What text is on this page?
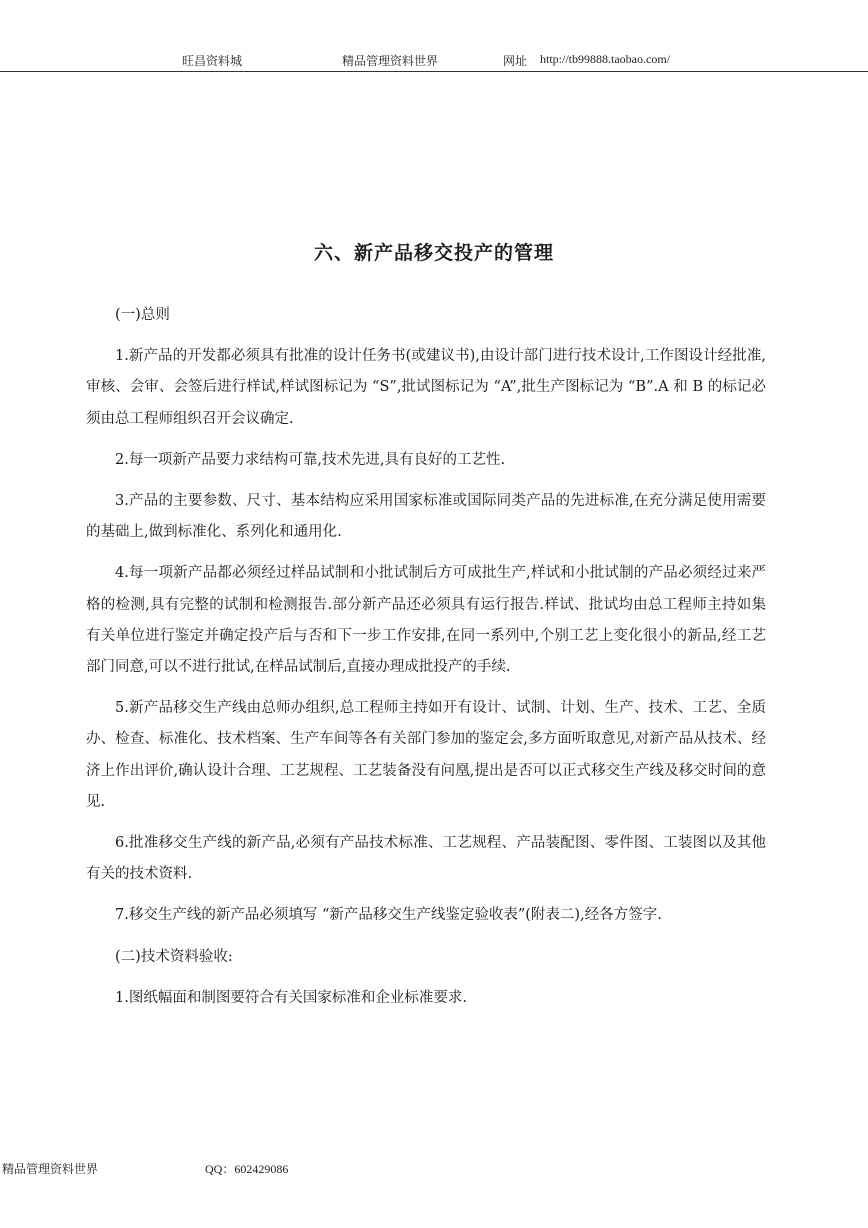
旺昌资料城	精品管理资料世界	网址 http://tb99888.taobao.com/
六、新产品移交投产的管理

(一)总则

1.新产品的开发都必须具有批准的设计任务书(或建议书),由设计部门进行技术设计,工作图设计经批准,审核、会审、会签后进行样试,样试图标记为 “S”,批试图标记为 “A”,批生产图标记为 “B”.A 和 B 的标记必须由总工程师组织召开会议确定.

2.每一项新产品要力求结构可靠,技术先进,具有良好的工艺性.

3.产品的主要参数、尺寸、基本结构应采用国家标准或国际同类产品的先进标准,在充分满足使用需要的基础上,做到标准化、系列化和通用化.

4.每一项新产品都必须经过样品试制和小批试制后方可成批生产,样试和小批试制的产品必须经过来严格的检测,具有完整的试制和检测报告.部分新产品还必须具有运行报告.样试、批试均由总工程师主持如集有关单位进行鉴定并确定投产后与否和下一步工作安排,在同一系列中,个别工艺上变化很小的新品,经工艺部门同意,可以不进行批试,在样品试制后,直接办理成批投产的手续.

5.新产品移交生产线由总师办组织,总工程师主持如开有设计、试制、计划、生产、技术、工艺、全质办、检查、标准化、技术档案、生产车间等各有关部门参加的鉴定会,多方面听取意见,对新产品从技术、经济上作出评价,确认设计合理、工艺规程、工艺装备没有问凰,提出是否可以正式移交生产线及移交时间的意见.

6.批准移交生产线的新产品,必须有产品技术标准、工艺规程、产品装配图、零件图、工装图以及其他有关的技术资料.

7.移交生产线的新产品必须填写 “新产品移交生产线鉴定验收表”(附表二),经各方签字.

(二)技术资料验收:

1.图纸幅面和制图要符合有关国家标准和企业标准要求.

精品管理资料世界	QQ：602429086
